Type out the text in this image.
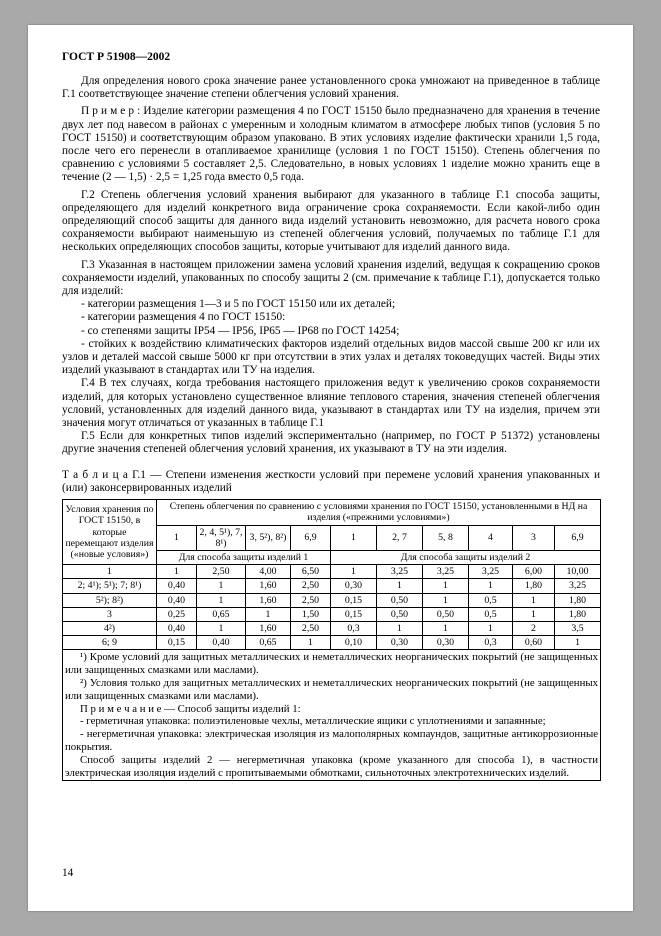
ГОСТ Р 51908—2002

Для определения нового срока значение ранее установленного срока умножают на приведенное в таблице Г.1 соответствующее значение степени облегчения условий хранения.

П р и м е р : Изделие категории размещения 4 по ГОСТ 15150 было предназначено для хранения в течение двух лет под навесом в районах с умеренным и холодным климатом в атмосфере любых типов (условия 5 по ГОСТ 15150) и соответствующим образом упаковано. В этих условиях изделие фактически хранили 1,5 года, после чего его перенесли в отапливаемое хранилище (условия 1 по ГОСТ 15150). Степень облегчения по сравнению с условиями 5 составляет 2,5. Следовательно, в новых условиях 1 изделие можно хранить еще в течение (2 — 1,5) · 2,5 = 1,25 года вместо 0,5 года.

Г.2 Степень облегчения условий хранения выбирают для указанного в таблице Г.1 способа защиты, определяющего для изделий конкретного вида ограничение срока сохраняемости. Если какой-либо один определяющий способ защиты для данного вида изделий установить невозможно, для расчета нового срока сохраняемости выбирают наименьшую из степеней облегчения условий, получаемых по таблице Г.1 для нескольких определяющих способов защиты, которые учитывают для изделий данного вида.

Г.3 Указанная в настоящем приложении замена условий хранения изделий, ведущая к сокращению сроков сохраняемости изделий, упакованных по способу защиты 2 (см. примечание к таблице Г.1), допускается только для изделий:

- категории размещения 1—3 и 5 по ГОСТ 15150 или их деталей;

- категории размещения 4 по ГОСТ 15150:

- со степенями защиты IP54 — IP56, IP65 — IP68 по ГОСТ 14254;

- стойких к воздействию климатических факторов изделий отдельных видов массой свыше 200 кг или их узлов и деталей массой свыше 5000 кг при отсутствии в этих узлах и деталях токоведущих частей. Виды этих изделий указывают в стандартах или ТУ на изделия.

Г.4 В тех случаях, когда требования настоящего приложения ведут к увеличению сроков сохраняемости изделий, для которых установлено существенное влияние теплового старения, значения степеней облегчения условий, установленных для изделий данного вида, указывают в стандартах или ТУ на изделия, причем эти значения могут отличаться от указанных в таблице Г.1

Г.5 Если для конкретных типов изделий экспериментально (например, по ГОСТ Р 51372) установлены другие значения степеней облегчения условий хранения, их указывают в ТУ на эти изделия.

Т а б л и ц а Г.1 — Степени изменения жесткости условий при перемене условий хранения упакованных и (или) законсервированных изделий

Условия хранения по ГОСТ 15150, в которые перемещают изделия («новые условия»)	Степень облегчения по сравнению с условиями хранения по ГОСТ 15150, установленными в НД на изделия («прежними условиями»)									
	1	2, 4, 5¹), 7, 8¹)	3, 5²), 8²)	6,9	1	2, 7	5, 8	4	3	6,9
	Для способа защиты изделий 1				Для способа защиты изделий 2					
1	1	2,50	4,00	6,50	1	3,25	3,25	3,25	6,00	10,00
2; 4¹); 5¹); 7; 8¹)	0,40	1	1,60	2,50	0,30	1	1	1	1,80	3,25
5²); 8²)	0,40	1	1,60	2,50	0,15	0,50	1	0,5	1	1,80
3	0,25	0,65	1	1,50	0,15	0,50	0,50	0,5	1	1,80
4²)	0,40	1	1,60	2,50	0,3	1	1	1	2	3,5
6; 9	0,15	0,40	0,65	1	0,10	0,30	0,30	0,3	0,60	1

¹) Кроме условий для защитных металлических и неметаллических неорганических покрытий (не защищенных или защищенных смазками или маслами).

²) Условия только для защитных металлических и неметаллических неорганических покрытий (не защищенных или защищенных смазками или маслами).

П р и м е ч а н и е — Способ защиты изделий 1:

- герметичная упаковка: полиэтиленовые чехлы, металлические ящики с уплотнениями и запаянные;

- негерметичная упаковка: электрическая изоляция из малополярных компаундов, защитные антикоррозионные покрытия.

Способ защиты изделий 2 — негерметичная упаковка (кроме указанного для способа 1), в частности электрическая изоляция изделий с пропитываемыми обмотками, сильноточных электротехнических изделий.

14
